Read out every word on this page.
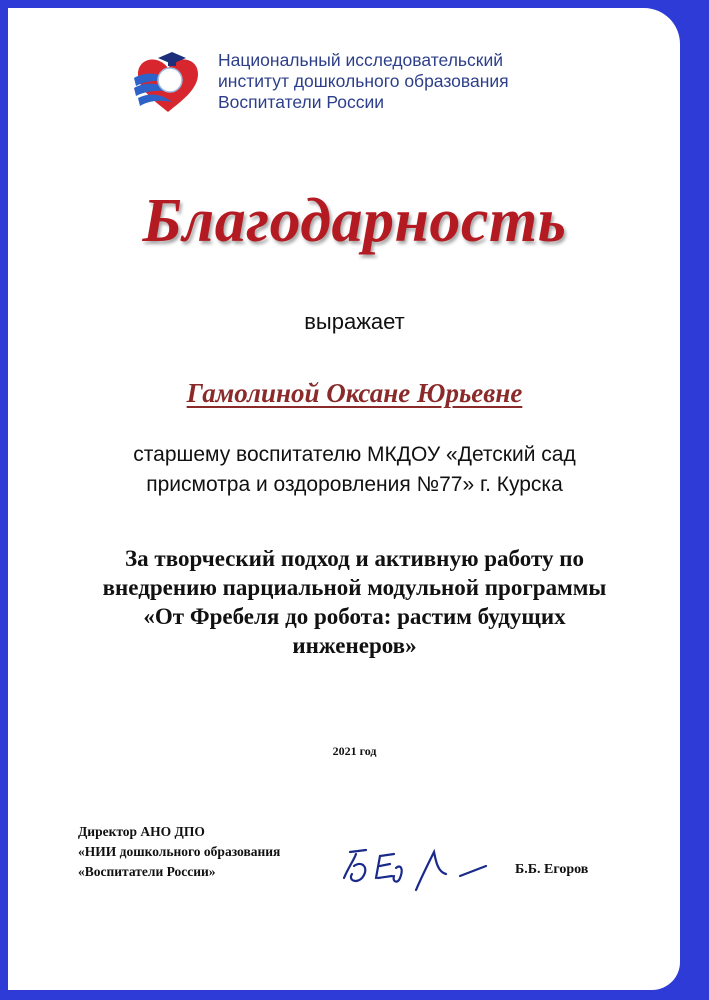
Национальный исследовательский
институт дошкольного образования
Воспитатели России
Благодарность
выражает
Гамолиной Оксане Юрьевне
старшему воспитателю МКДОУ «Детский сад
присмотра и оздоровления №77» г. Курска
За творческий подход и активную работу по
внедрению парциальной модульной программы
«От Фребеля до робота: растим будущих
инженеров»
2021 год
Директор АНО ДПО
«НИИ дошкольного образования
«Воспитатели России»	Б.Б. Егоров
